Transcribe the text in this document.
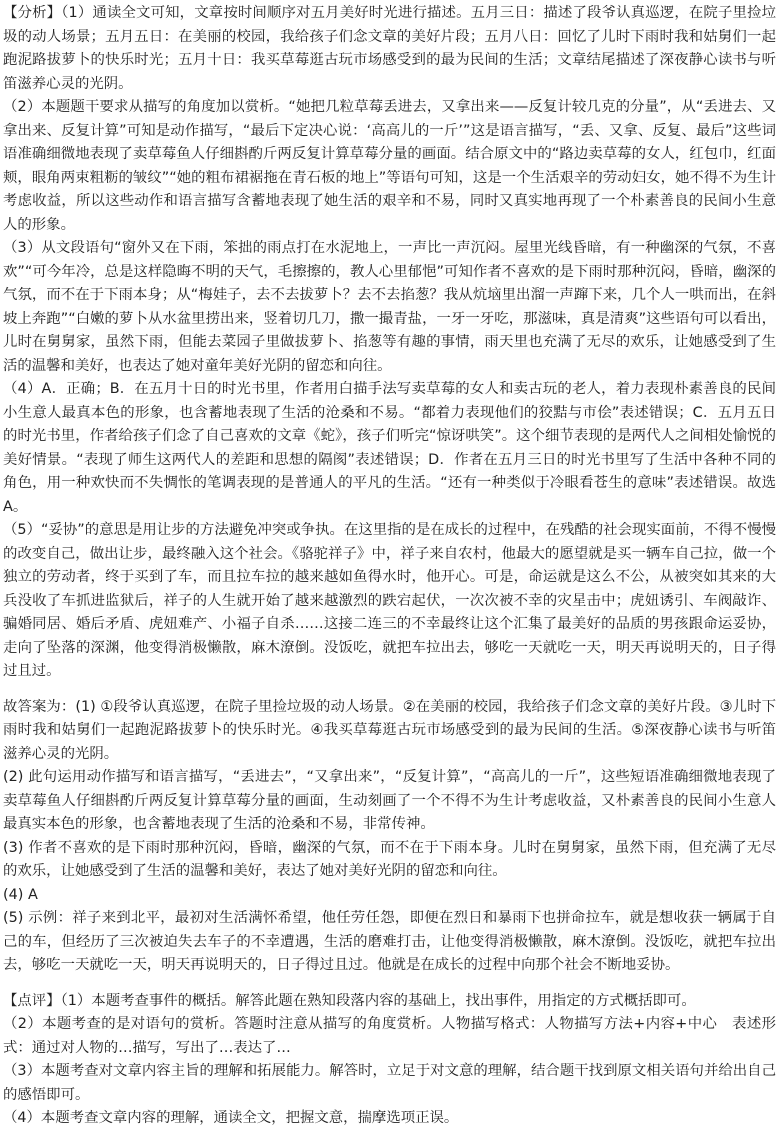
【分析】（1）通读全文可知，文章按时间顺序对五月美好时光进行描述。五月三日：描述了段爷认真巡逻，在院子里捡垃圾的动人场景；五月五日：在美丽的校园，我给孩子们念文章的美好片段；五月八日：回忆了儿时下雨时我和姑舅们一起跑泥路拔萝卜的快乐时光；五月十日：我买草莓逛古玩市场感受到的最为民间的生活；文章结尾描述了深夜静心读书与听笛滋养心灵的光阴。

（2）本题题干要求从描写的角度加以赏析。“她把几粒草莓丢进去，又拿出来——反复计较几克的分量”，从“丢进去、又拿出来、反复计算”可知是动作描写，“最后下定决心说：‘高高儿的一斤’”这是语言描写，“丢、又拿、反复、最后”这些词语准确细微地表现了卖草莓鱼人仔细斟酌斤两反复计算草莓分量的画面。结合原文中的“路边卖草莓的女人，红包巾，红面颊，眼角两束粗粝的皱纹”“她的粗布裙裾拖在青石板的地上”等语句可知，这是一个生活艰辛的劳动妇女，她不得不为生计考虑收益，所以这些动作和语言描写含蓄地表现了她生活的艰辛和不易，同时又真实地再现了一个朴素善良的民间小生意人的形象。

（3）从文段语句“窗外又在下雨，笨拙的雨点打在水泥地上，一声比一声沉闷。屋里光线昏暗，有一种幽深的气氛，不喜欢”“可今年冷，总是这样隐晦不明的天气，毛擦擦的，教人心里郁悒”可知作者不喜欢的是下雨时那种沉闷，昏暗，幽深的气氛，而不在于下雨本身；从“梅娃子，去不去拔萝卜？去不去掐葱？我从炕垴里出溜一声蹿下来，几个人一哄而出，在斜坡上奔跑”“白嫩的萝卜从水盆里捞出来，竖着切几刀，撒一撮青盐，一牙一牙吃，那滋味，真是清爽”这些语句可以看出，儿时在舅舅家，虽然下雨，但能去菜园子里做拔萝卜、掐葱等有趣的事情，雨天里也充满了无尽的欢乐，让她感受到了生活的温馨和美好，也表达了她对童年美好光阴的留恋和向往。

（4）A．正确；B．在五月十日的时光书里，作者用白描手法写卖草莓的女人和卖古玩的老人，着力表现朴素善良的民间小生意人最真本色的形象，也含蓄地表现了生活的沧桑和不易。“都着力表现他们的狡黠与市侩”表述错误；C．五月五日的时光书里，作者给孩子们念了自己喜欢的文章《蛇》，孩子们听完“惊讶哄笑”。这个细节表现的是两代人之间相处愉悦的美好情景。“表现了师生这两代人的差距和思想的隔阂”表述错误；D．作者在五月三日的时光书里写了生活中各种不同的角色，用一种欢快而不失惆怅的笔调表现的是普通人的平凡的生活。“还有一种类似于冷眼看苍生的意味”表述错误。故选A。

（5）“妥协”的意思是用让步的方法避免冲突或争执。在这里指的是在成长的过程中，在残酷的社会现实面前，不得不慢慢的改变自己，做出让步，最终融入这个社会。《骆驼祥子》中，祥子来自农村，他最大的愿望就是买一辆车自己拉，做一个独立的劳动者，终于买到了车，而且拉车拉的越来越如鱼得水时，他开心。可是，命运就是这么不公，从被突如其来的大兵没收了车抓进监狱后，祥子的人生就开始了越来越激烈的跌宕起伏，一次次被不幸的灾星击中；虎妞诱引、车阀敲诈、骗婚同居、婚后矛盾、虎妞难产、小福子自杀……这接二连三的不幸最终让这个汇集了最美好的品质的男孩跟命运妥协，走向了坠落的深渊，他变得消极懒散，麻木潦倒。没饭吃，就把车拉出去，够吃一天就吃一天，明天再说明天的，日子得过且过。

故答案为：(1) ①段爷认真巡逻，在院子里捡垃圾的动人场景。②在美丽的校园，我给孩子们念文章的美好片段。③儿时下雨时我和姑舅们一起跑泥路拔萝卜的快乐时光。④我买草莓逛古玩市场感受到的最为民间的生活。⑤深夜静心读书与听笛滋养心灵的光阴。

(2) 此句运用动作描写和语言描写，“丢进去”，“又拿出来”，“反复计算”，“高高儿的一斤”，这些短语准确细微地表现了卖草莓鱼人仔细斟酌斤两反复计算草莓分量的画面，生动刻画了一个不得不为生计考虑收益，又朴素善良的民间小生意人最真实本色的形象，也含蓄地表现了生活的沧桑和不易，非常传神。

(3) 作者不喜欢的是下雨时那种沉闷，昏暗，幽深的气氛，而不在于下雨本身。儿时在舅舅家，虽然下雨，但充满了无尽的欢乐，让她感受到了生活的温馨和美好，表达了她对美好光阴的留恋和向往。

(4) A

(5) 示例：祥子来到北平，最初对生活满怀希望，他任劳任怨，即便在烈日和暴雨下也拼命拉车，就是想收获一辆属于自己的车，但经历了三次被迫失去车子的不幸遭遇，生活的磨难打击，让他变得消极懒散，麻木潦倒。没饭吃，就把车拉出去，够吃一天就吃一天，明天再说明天的，日子得过且过。他就是在成长的过程中向那个社会不断地妥协。

【点评】（1）本题考查事件的概括。解答此题在熟知段落内容的基础上，找出事件，用指定的方式概括即可。

（2）本题考查的是对语句的赏析。答题时注意从描写的角度赏析。人物描写格式：人物描写方法+内容+中心　表述形式：通过对人物的…描写，写出了…表达了…

（3）本题考查对文章内容主旨的理解和拓展能力。解答时，立足于对文意的理解，结合题干找到原文相关语句并给出自己的感悟即可。

（4）本题考查文章内容的理解，通读全文，把握文意，揣摩选项正误。
